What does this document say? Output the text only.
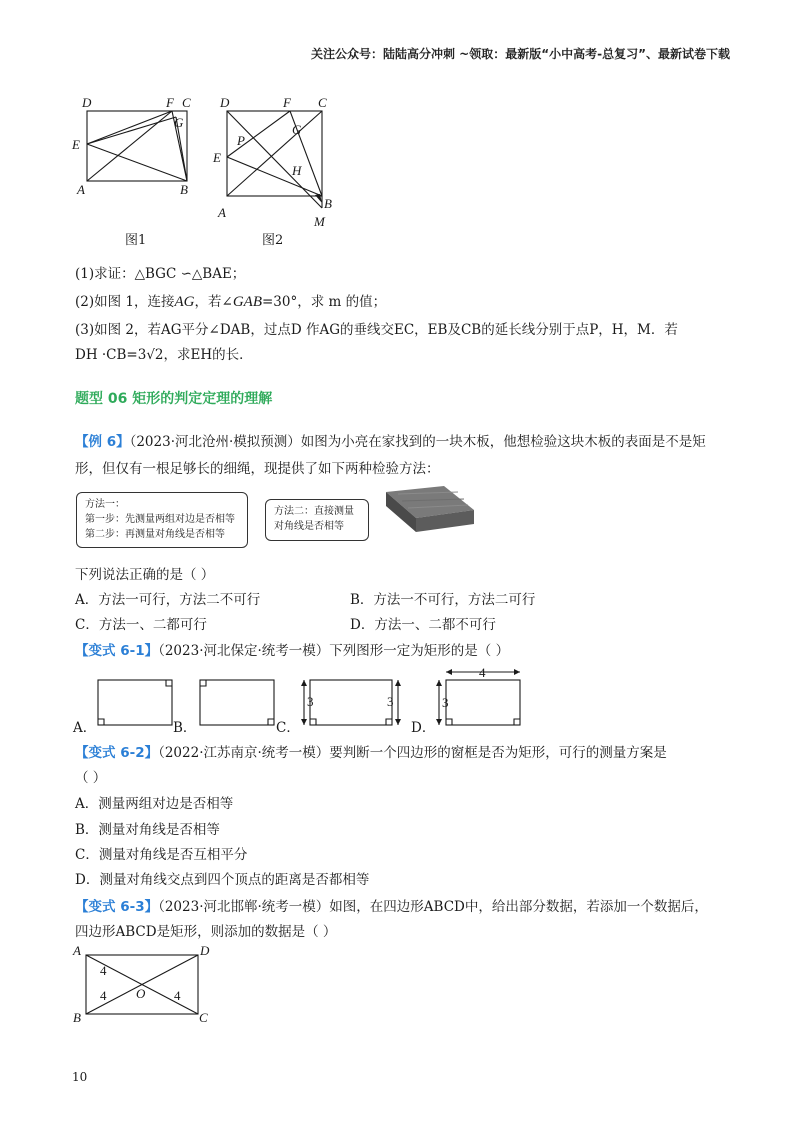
关注公众号：陆陆高分冲刺 ~领取：最新版“小中高考-总复习”、最新试卷下载
D	F C
G
E
A	B
图1
D	F C
G
P
E
H
A
B
M
图2
(1)求证：△BGC ∽△BAE；
(2)如图 1，连接AG，若∠GAB=30°，求 m 的值；
(3)如图 2，若AG平分∠DAB，过点D 作AG的垂线交EC，EB及CB的延长线分别于点P，H，M．若
DH ·CB=3√2，求EH的长．
题型 06 矩形的判定定理的理解
【例 6】（2023·河北沧州·模拟预测）如图为小亮在家找到的一块木板，他想检验这块木板的表面是不是矩
形，但仅有一根足够长的细绳，现提供了如下两种检验方法：
方法一：
第一步：先测量两组对边是否相等
第二步：再测量对角线是否相等
方法二：直接测量
对角线是否相等
下列说法正确的是（ ）
A．方法一可行，方法二不可行	B．方法一不可行，方法二可行
C．方法一、二都可行	D．方法一、二都不可行
【变式 6-1】（2023·河北保定·统考一模）下列图形一定为矩形的是（ ）
A．	B．	C．
3	3
D．
4
3
【变式 6-2】（2022·江苏南京·统考一模）要判断一个四边形的窗框是否为矩形，可行的测量方案是
（ ）
A．测量两组对边是否相等
B．测量对角线是否相等
C．测量对角线是否互相平分
D．测量对角线交点到四个顶点的距离是否都相等
【变式 6-3】（2023·河北邯郸·统考一模）如图，在四边形ABCD中，给出部分数据，若添加一个数据后，
四边形ABCD是矩形，则添加的数据是（ ）
A	D
B	C
O
4
4	4
10
